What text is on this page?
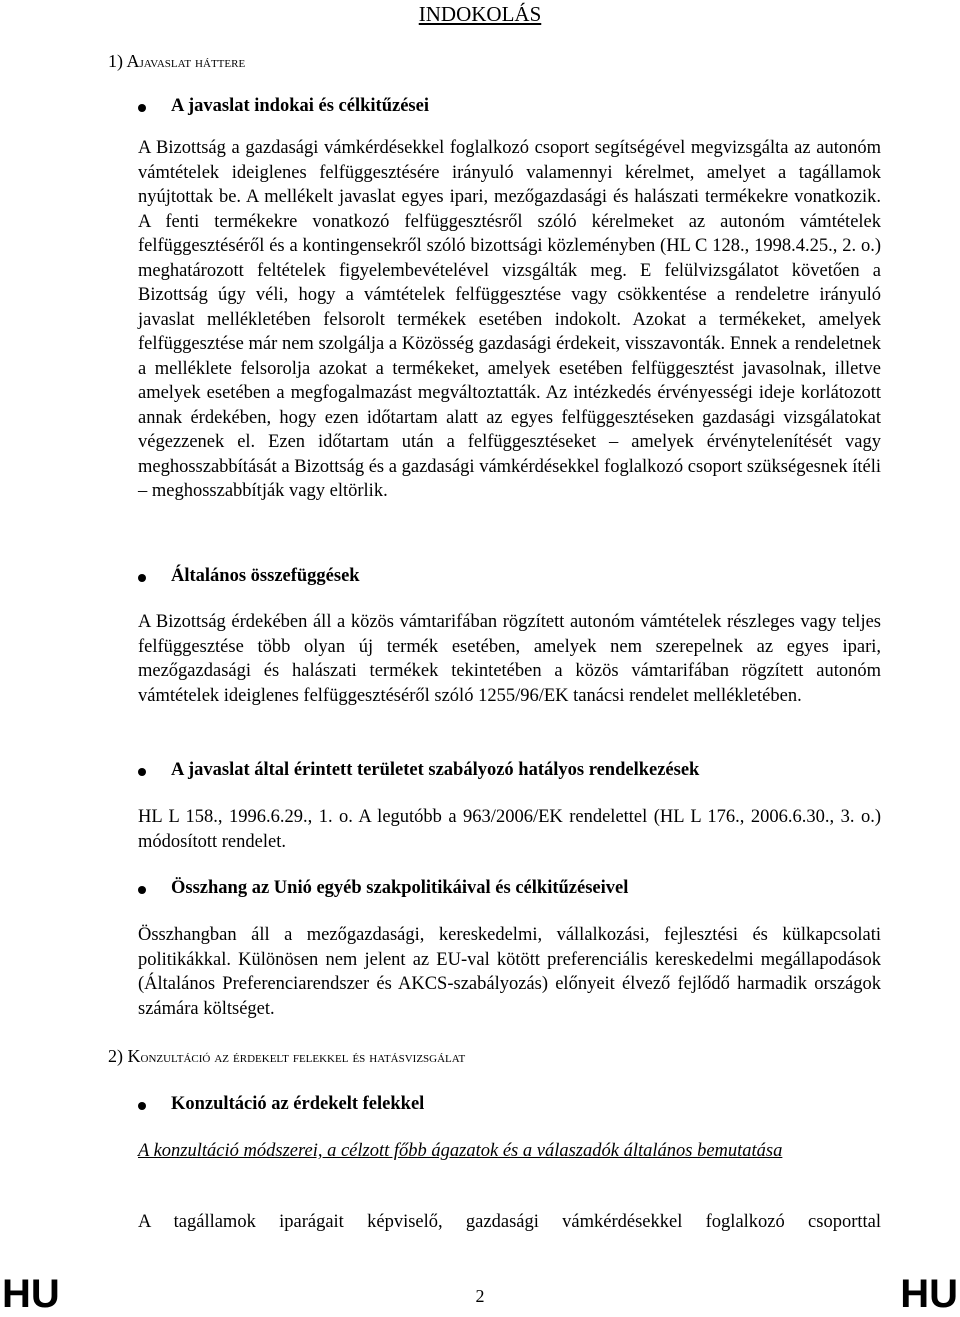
INDOKOLÁS
1) Ajavaslat háttere
A javaslat indokai és célkitűzései

A Bizottság a gazdasági vámkérdésekkel foglalkozó csoport segítségével megvizsgálta az autonóm vámtételek ideiglenes felfüggesztésére irányuló valamennyi kérelmet, amelyet a tagállamok nyújtottak be. A mellékelt javaslat egyes ipari, mezőgazdasági és halászati termékekre vonatkozik. A fenti termékekre vonatkozó felfüggesztésről szóló kérelmeket az autonóm vámtételek felfüggesztéséről és a kontingensekről szóló bizottsági közleményben (HL C 128., 1998.4.25., 2. o.) meghatározott feltételek figyelembevételével vizsgálták meg. E felülvizsgálatot követően a Bizottság úgy véli, hogy a vámtételek felfüggesztése vagy csökkentése a rendeletre irányuló javaslat mellékletében felsorolt termékek esetében indokolt. Azokat a termékeket, amelyek felfüggesztése már nem szolgálja a Közösség gazdasági érdekeit, visszavonták. Ennek a rendeletnek a melléklete felsorolja azokat a termékeket, amelyek esetében felfüggesztést javasolnak, illetve amelyek esetében a megfogalmazást megváltoztatták. Az intézkedés érvényességi ideje korlátozott annak érdekében, hogy ezen időtartam alatt az egyes felfüggesztéseken gazdasági vizsgálatokat végezzenek el. Ezen időtartam után a felfüggesztéseket – amelyek érvénytelenítését vagy meghosszabbítását a Bizottság és a gazdasági vámkérdésekkel foglalkozó csoport szükségesnek ítéli – meghosszabbítják vagy eltörlik.

Általános összefüggések

A Bizottság érdekében áll a közös vámtarifában rögzített autonóm vámtételek részleges vagy teljes felfüggesztése több olyan új termék esetében, amelyek nem szerepelnek az egyes ipari, mezőgazdasági és halászati termékek tekintetében a közös vámtarifában rögzített autonóm vámtételek ideiglenes felfüggesztéséről szóló 1255/96/EK tanácsi rendelet mellékletében.

A javaslat által érintett területet szabályozó hatályos rendelkezések

HL L 158., 1996.6.29., 1. o. A legutóbb a 963/2006/EK rendelettel (HL L 176., 2006.6.30., 3. o.) módosított rendelet.

Összhang az Unió egyéb szakpolitikáival és célkitűzéseivel

Összhangban áll a mezőgazdasági, kereskedelmi, vállalkozási, fejlesztési és külkapcsolati politikákkal. Különösen nem jelent az EU-val kötött preferenciális kereskedelmi megállapodások (Általános Preferenciarendszer és AKCS-szabályozás) előnyeit élvező fejlődő harmadik országok számára költséget.

2) Konzultáció az érdekelt felekkel és hatásvizsgálat
Konzultáció az érdekelt felekkel

A konzultáció módszerei, a célzott főbb ágazatok és a válaszadók általános bemutatása

A tagállamok iparágait képviselő, gazdasági vámkérdésekkel foglalkozó csoporttal

HU	2	HU
